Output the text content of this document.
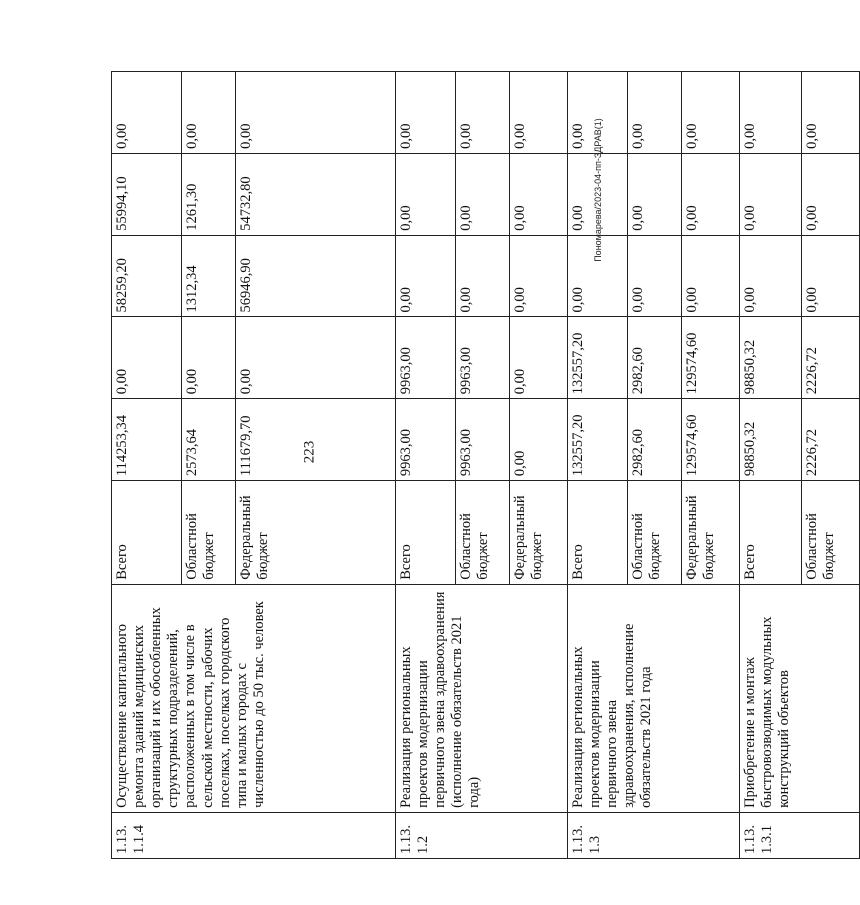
223
Пономарева/2023-04-пп-ЗДРАВ(1)
1.13.1.1.4	Осуществление капитального ремонта зданий медицинских организаций и их обособленных структурных подразделений, расположенных в том числе в сельской местности, рабочих поселках, поселках городского типа и малых городах с численностью до 50 тыс. человек	Всего	114253,34	0,00	58259,20	55994,10	0,00
		Областной бюджет	2573,64	0,00	1312,34	1261,30	0,00
		Федеральный бюджет	111679,70	0,00	56946,90	54732,80	0,00
1.13.1.2	Реализация региональных проектов модернизации первичного звена здравоохранения (исполнение обязательств 2021 года)	Всего	9963,00	9963,00	0,00	0,00	0,00
		Областной бюджет	9963,00	9963,00	0,00	0,00	0,00
		Федеральный бюджет	0,00	0,00	0,00	0,00	0,00
1.13.1.3	Реализация региональных проектов модернизации первичного звена здравоохранения, исполнение обязательств 2021 года	Всего	132557,20	132557,20	0,00	0,00	0,00
		Областной бюджет	2982,60	2982,60	0,00	0,00	0,00
		Федеральный бюджет	129574,60	129574,60	0,00	0,00	0,00
1.13.1.3.1	Приобретение и монтаж быстровозводимых модульных конструкций объектов	Всего	98850,32	98850,32	0,00	0,00	0,00
		Областной бюджет	2226,72	2226,72	0,00	0,00	0,00
